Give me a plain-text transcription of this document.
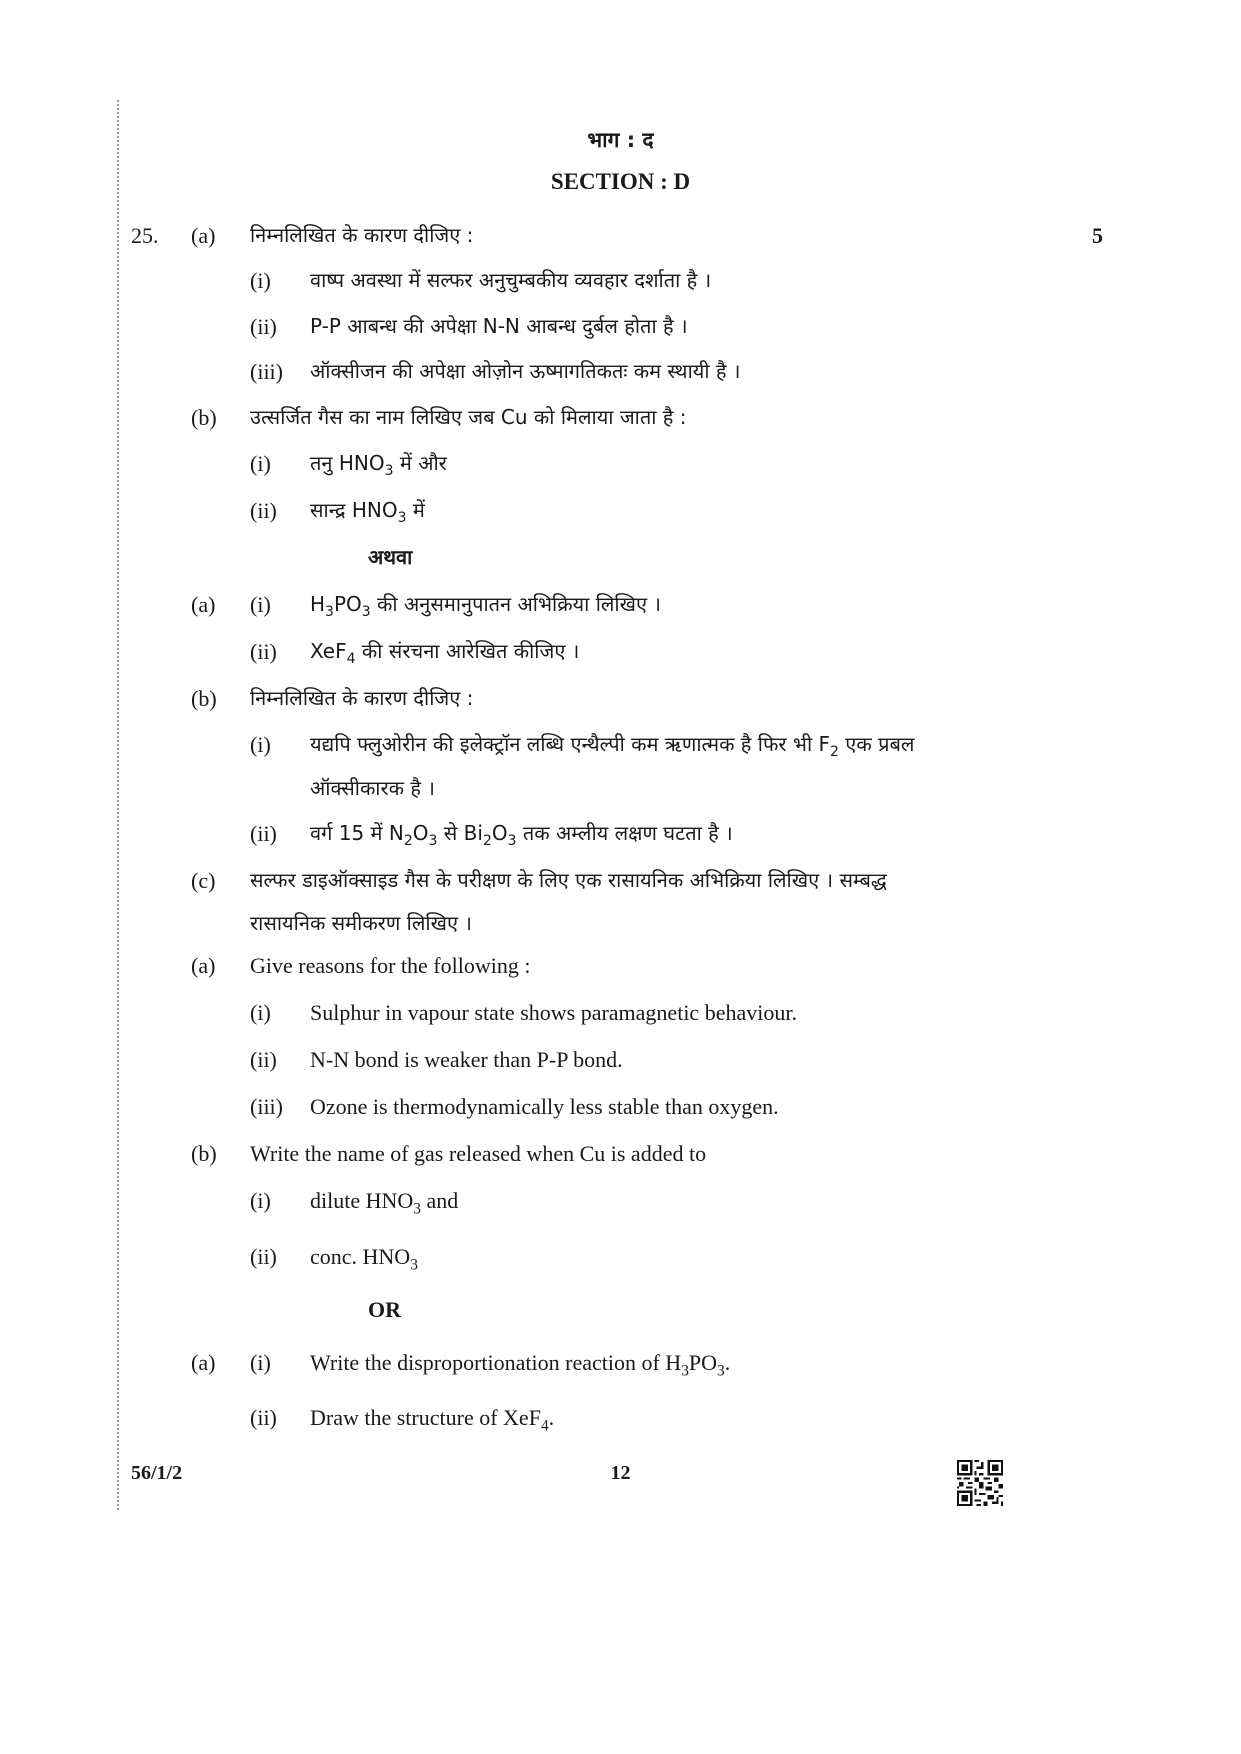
भाग : द
SECTION : D
25.	5
(a) निम्नलिखित के कारण दीजिए :
(i) वाष्प अवस्था में सल्फर अनुचुम्बकीय व्यवहार दर्शाता है ।
(ii) P-P आबन्ध की अपेक्षा N-N आबन्ध दुर्बल होता है ।
(iii) ऑक्सीजन की अपेक्षा ओज़ोन ऊष्मागतिकतः कम स्थायी है ।
(b) उत्सर्जित गैस का नाम लिखिए जब Cu को मिलाया जाता है :
(i) तनु $HNO_3$ में और
(ii) सान्द्र $HNO_3$ में
अथवा
(a) (i) $H_3PO_3$ की अनुसमानुपातन अभिक्रिया लिखिए ।
(ii) XeF$_4$ की संरचना आरेखित कीजिए ।
(b) निम्नलिखित के कारण दीजिए :
(i) यद्यपि फ्लुओरीन की इलेक्ट्रॉन लब्धि एन्थैल्पी कम ऋणात्मक है फिर भी $F_2$ एक प्रबल
ऑक्सीकारक है ।
(ii) वर्ग 15 में $N_2O_3$ से $Bi_2O_3$ तक अम्लीय लक्षण घटता है ।
(c) सल्फर डाइऑक्साइड गैस के परीक्षण के लिए एक रासायनिक अभिक्रिया लिखिए । सम्बद्ध
रासायनिक समीकरण लिखिए ।
(a) Give reasons for the following :
(i) Sulphur in vapour state shows paramagnetic behaviour.
(ii) N-N bond is weaker than P-P bond.
(iii) Ozone is thermodynamically less stable than oxygen.
(b) Write the name of gas released when Cu is added to
(i) dilute $HNO_3$ and
(ii) conc. $HNO_3$
OR
(a) (i) Write the disproportionation reaction of $H_3PO_3$.
(ii) Draw the structure of XeF$_4$.
56/1/2	12
